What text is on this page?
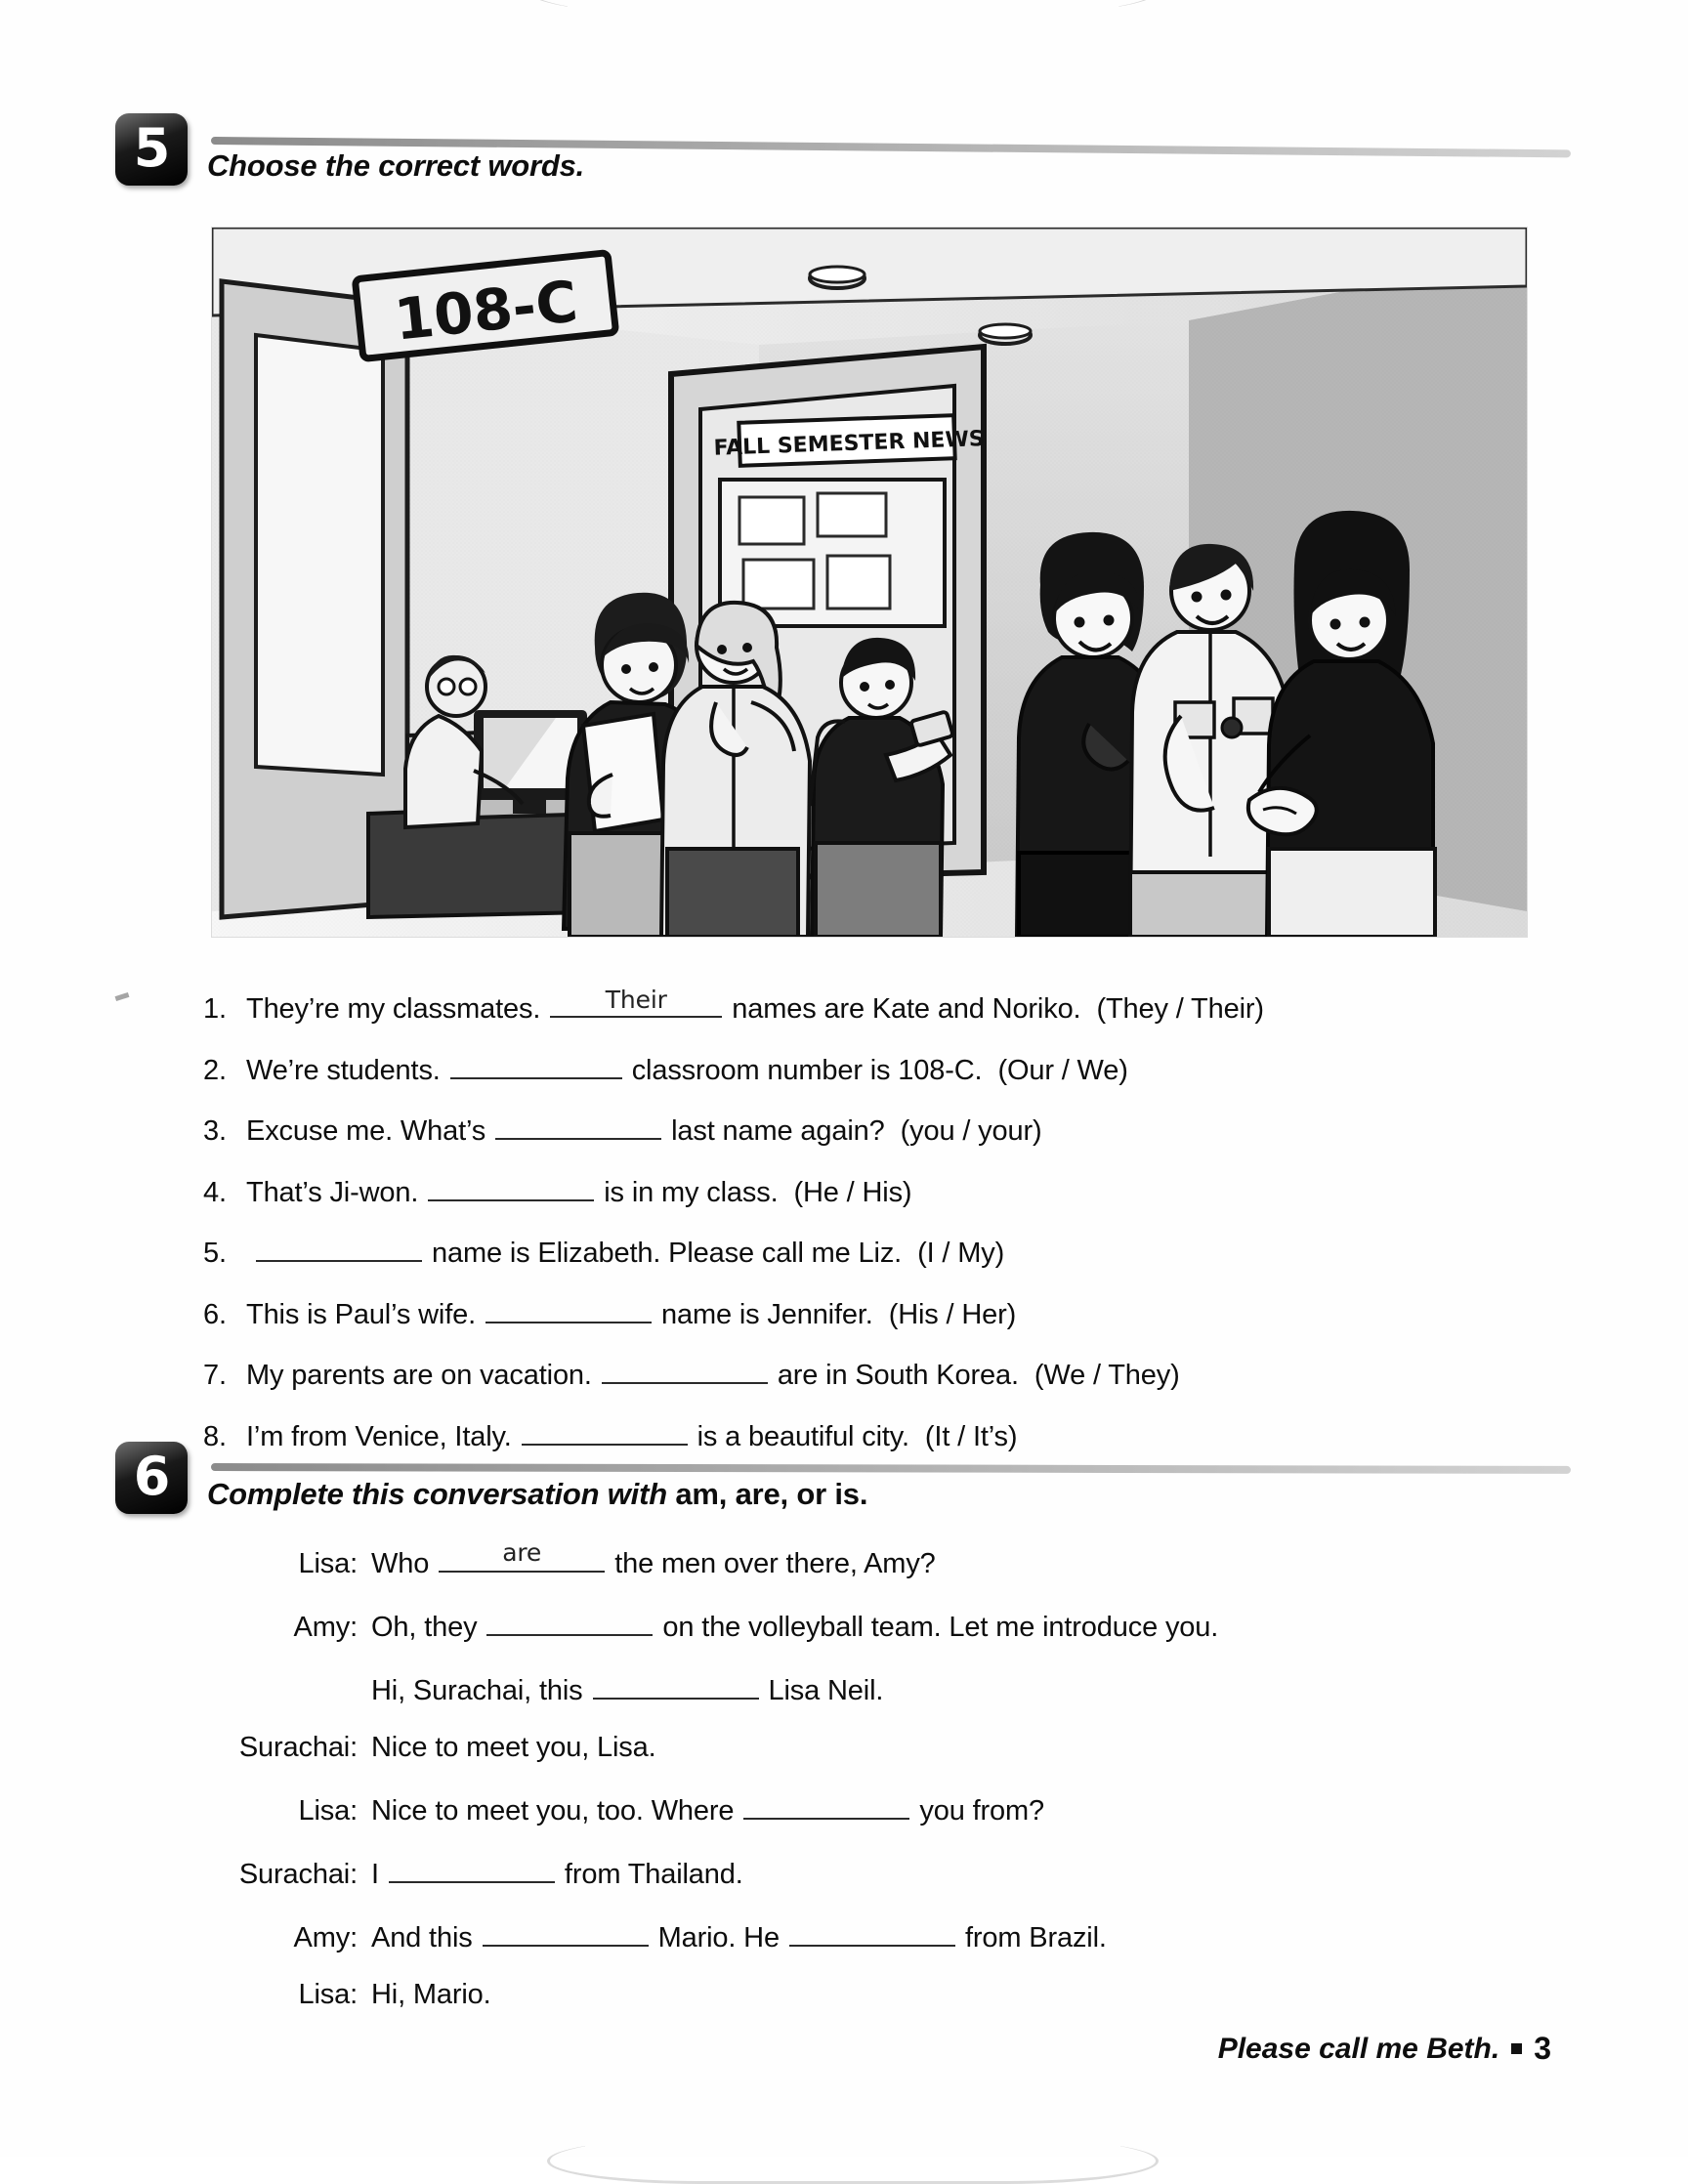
5	Choose the correct words.
FALL SEMESTER NEWS
108-C
1. They’re my classmates.	Their	names are Kate and Noriko. (They / Their)
2. We’re students.	classroom number is 108-C. (Our / We)
3. Excuse me. What’s	last name again? (you / your)
4. That’s Ji-won.	is in my class. (He / His)
5.	name is Elizabeth. Please call me Liz. (I / My)
6. This is Paul’s wife.	name is Jennifer. (His / Her)
7. My parents are on vacation.	are in South Korea. (We / They)
8. I’m from Venice, Italy.	is a beautiful city. (It / It’s)
6	Complete this conversation with am, are, or is.
Lisa: Who	are	the men over there, Amy?
Amy: Oh, they	on the volleyball team. Let me introduce you.
Hi, Surachai, this	Lisa Neil.
Surachai: Nice to meet you, Lisa.
Lisa: Nice to meet you, too. Where	you from?
Surachai: I	from Thailand.
Amy: And this	Mario. He	from Brazil.
Lisa: Hi, Mario.
Please call me Beth. 3
